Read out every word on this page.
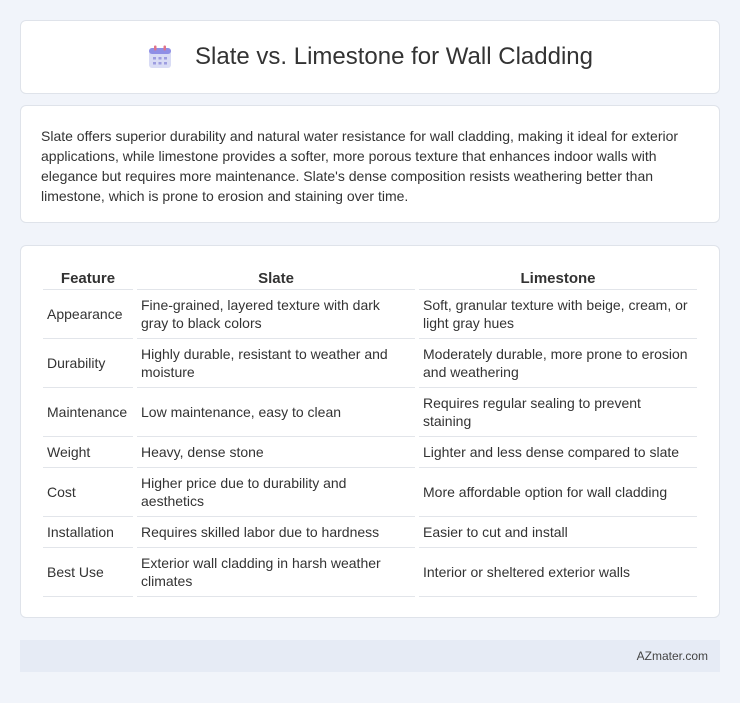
Slate vs. Limestone for Wall Cladding

Slate offers superior durability and natural water resistance for wall cladding, making it ideal for exterior applications, while limestone provides a softer, more porous texture that enhances indoor walls with elegance but requires more maintenance. Slate's dense composition resists weathering better than limestone, which is prone to erosion and staining over time.

Feature	Slate	Limestone
Appearance	Fine-grained, layered texture with dark gray to black colors	Soft, granular texture with beige, cream, or light gray hues
Durability	Highly durable, resistant to weather and moisture	Moderately durable, more prone to erosion and weathering
Maintenance	Low maintenance, easy to clean	Requires regular sealing to prevent staining
Weight	Heavy, dense stone	Lighter and less dense compared to slate
Cost	Higher price due to durability and aesthetics	More affordable option for wall cladding
Installation	Requires skilled labor due to hardness	Easier to cut and install
Best Use	Exterior wall cladding in harsh weather climates	Interior or sheltered exterior walls
AZmater.com
